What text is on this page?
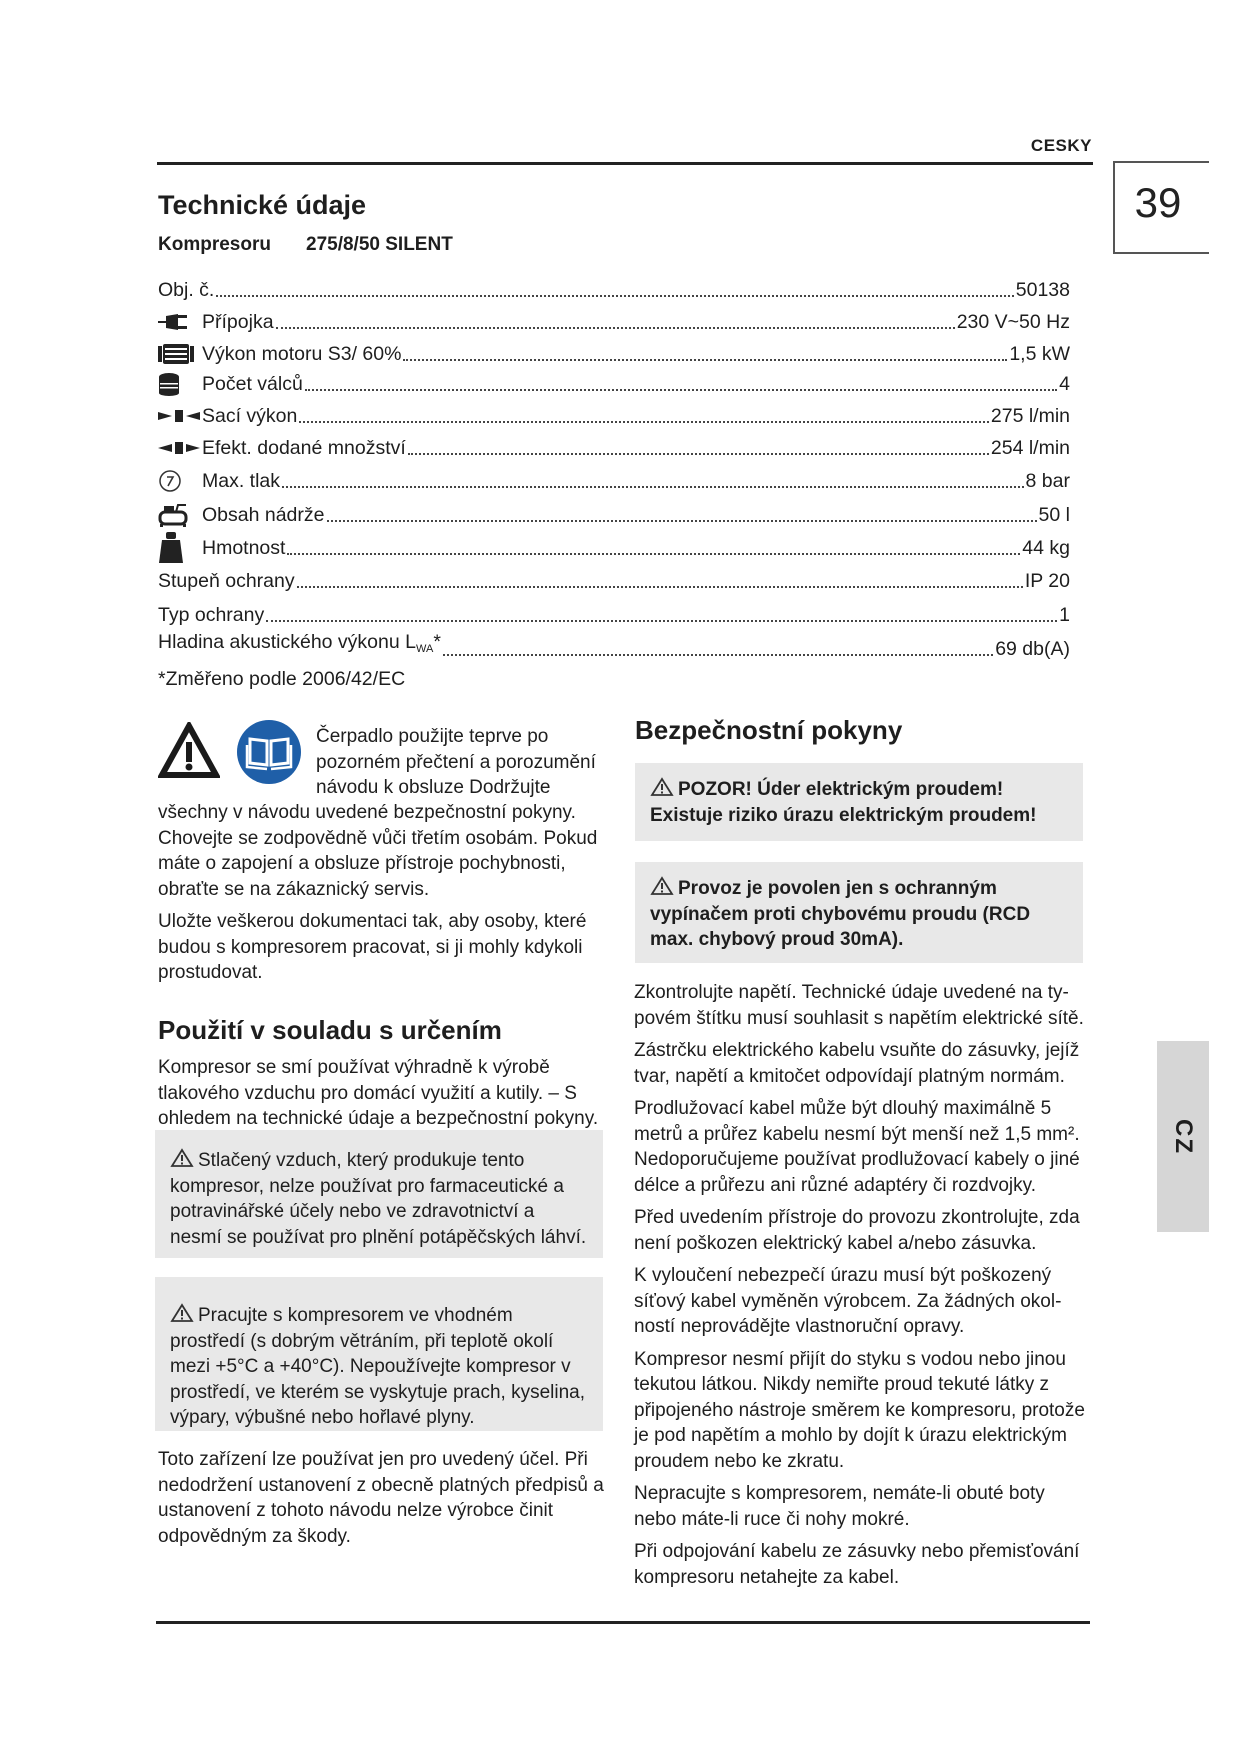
CESKY
39
CZ
Technické údaje
Kompresoru 275/8/50 SILENT
Obj. č.	50138
Přípojka	230 V~50 Hz
Výkon motoru S3/ 60%	1,5 kW
Počet válců	4
Sací výkon	275 l/min
Efekt. dodané množství	254 l/min
Max. tlak	8 bar
Obsah nádrže	50 l
Hmotnost	44 kg
Stupeň ochrany	IP 20
Typ ochrany	1
Hladina akustického výkonu $L_{WA}*$	69 db(A)
*Změřeno podle 2006/42/EC
Čerpadlo použijte teprve po
pozorném přečtení a porozumění
návodu k obsluze Dodržujte

všechny v návodu uvedené bezpečnostní pokyny. Chovejte se zodpovědně vůči třetím osobám. Pokud máte o zapojení a obsluze přístroje pochybnosti, obraťte se na zákaznický servis.

Uložte veškerou dokumentaci tak, aby osoby, které budou s kompresorem pracovat, si ji mohly kdykoli prostudovat.

Použití v souladu s určením

Kompresor se smí používat výhradně k výrobě tlakového vzduchu pro domácí využití a kutily. – S ohledem na technické údaje a bezpečnostní pokyny.

Stlačený vzduch, který produkuje tento kompresor, nelze používat pro farmaceutické a potravinářské účely nebo ve zdravotnictví a nesmí se používat pro plnění potápěčských láhví.
Pracujte s kompresorem ve vhodném prostředí (s dobrým větráním, při teplotě okolí mezi +5°C a +40°C). Nepoužívejte kompresor v prostředí, ve kterém se vyskytuje prach, kyselina, výpary, výbušné nebo hořlavé plyny.

Toto zařízení lze používat jen pro uvedený účel. Při nedodržení ustanovení z obecně platných předpisů a ustanovení z tohoto návodu nelze výrobce činit odpovědným za škody.

Bezpečnostní pokyny
POZOR! Úder elektrickým proudem! Existuje riziko úrazu elektrickým proudem!
Provoz je povolen jen s ochranným vypínačem proti chybovému proudu (RCD max. chybový proud 30mA).

Zkontrolujte napětí. Technické údaje uvedené na typovém štítku musí souhlasit s napětím elektrické sítě.

Zástrčku elektrického kabelu vsuňte do zásuvky, jejíž tvar, napětí a kmitočet odpovídají platným normám.

Prodlužovací kabel může být dlouhý maximálně 5 metrů a průřez kabelu nesmí být menší než 1,5 mm². Nedoporučujeme používat prodlužovací kabely o jiné délce a průřezu ani různé adaptéry či rozdvojky.

Před uvedením přístroje do provozu zkontrolujte, zda není poškozen elektrický kabel a/nebo zásuvka.

K vyloučení nebezpečí úrazu musí být poškozený síťový kabel vyměněn výrobcem. Za žádných okolností neprovádějte vlastnoruční opravy.

Kompresor nesmí přijít do styku s vodou nebo jinou tekutou látkou. Nikdy nemiřte proud tekuté látky z připojeného nástroje směrem ke kompresoru, protože je pod napětím a mohlo by dojít k úrazu elektrickým proudem nebo ke zkratu.

Nepracujte s kompresorem, nemáte-li obuté boty nebo máte-li ruce či nohy mokré.

Při odpojování kabelu ze zásuvky nebo přemisťování kompresoru netahejte za kabel.
